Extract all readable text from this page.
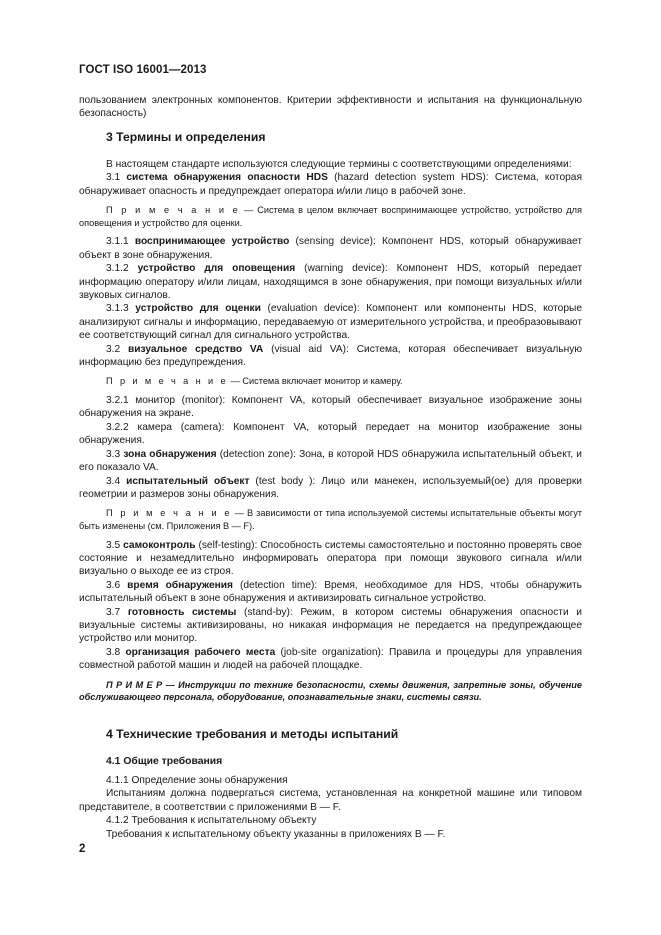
ГОСТ ISO 16001—2013

пользованием электронных компонентов. Критерии эффективности и испытания на функциональную безопасность)

3 Термины и определения

В настоящем стандарте используются следующие термины с соответствующими определениями:

3.1 система обнаружения опасности HDS (hazard detection system HDS): Система, которая обнаруживает опасность и предупреждает оператора и/или лицо в рабочей зоне.

П р и м е ч а н и е — Система в целом включает воспринимающее устройство, устройство для оповещения и устройство для оценки.

3.1.1 воспринимающее устройство (sensing device): Компонент HDS, который обнаруживает объект в зоне обнаружения.

3.1.2 устройство для оповещения (warning device): Компонент HDS, который передает информацию оператору и/или лицам, находящимся в зоне обнаружения, при помощи визуальных и/или звуковых сигналов.

3.1.3 устройство для оценки (evaluation device): Компонент или компоненты HDS, которые анализируют сигналы и информацию, передаваемую от измерительного устройства, и преобразовывают ее соответствующий сигнал для сигнального устройства.

3.2 визуальное средство VA (visual aid VA): Система, которая обеспечивает визуальную информацию без предупреждения.

П р и м е ч а н и е — Система включает монитор и камеру.

3.2.1 монитор (monitor): Компонент VA, который обеспечивает визуальное изображение зоны обнаружения на экране.

3.2.2 камера (camera): Компонент VA, который передает на монитор изображение зоны обнаружения.

3.3 зона обнаружения (detection zone): Зона, в которой HDS обнаружила испытательный объект, и его показало VA.

3.4 испытательный объект (test body ): Лицо или манекен, используемый(ое) для проверки геометрии и размеров зоны обнаружения.

П р и м е ч а н и е — В зависимости от типа используемой системы испытательные объекты могут быть изменены (см. Приложения В — F).

3.5 самоконтроль (self-testing): Способность системы самостоятельно и постоянно проверять свое состояние и незамедлительно информировать оператора при помощи звукового сигнала и/или визуально о выходе ее из строя.

3.6 время обнаружения (detection time): Время, необходимое для HDS, чтобы обнаружить испытательный объект в зоне обнаружения и активизировать сигнальное устройство.

3.7 готовность системы (stand-by): Режим, в котором системы обнаружения опасности и визуальные системы активизированы, но никакая информация не передается на предупреждающее устройство или монитор.

3.8 организация рабочего места (job-site organization): Правила и процедуры для управления совместной работой машин и людей на рабочей площадке.

П Р И М Е Р — Инструкции по технике безопасности, схемы движения, запретные зоны, обучение обслуживающего персонала, оборудование, опознавательные знаки, системы связи.

4 Технические требования и методы испытаний
4.1 Общие требования

4.1.1 Определение зоны обнаружения

Испытаниям должна подвергаться система, установленная на конкретной машине или типовом представителе, в соответствии с приложениями В — F.

4.1.2 Требования к испытательному объекту

Требования к испытательному объекту указанны в приложениях В — F.

2
